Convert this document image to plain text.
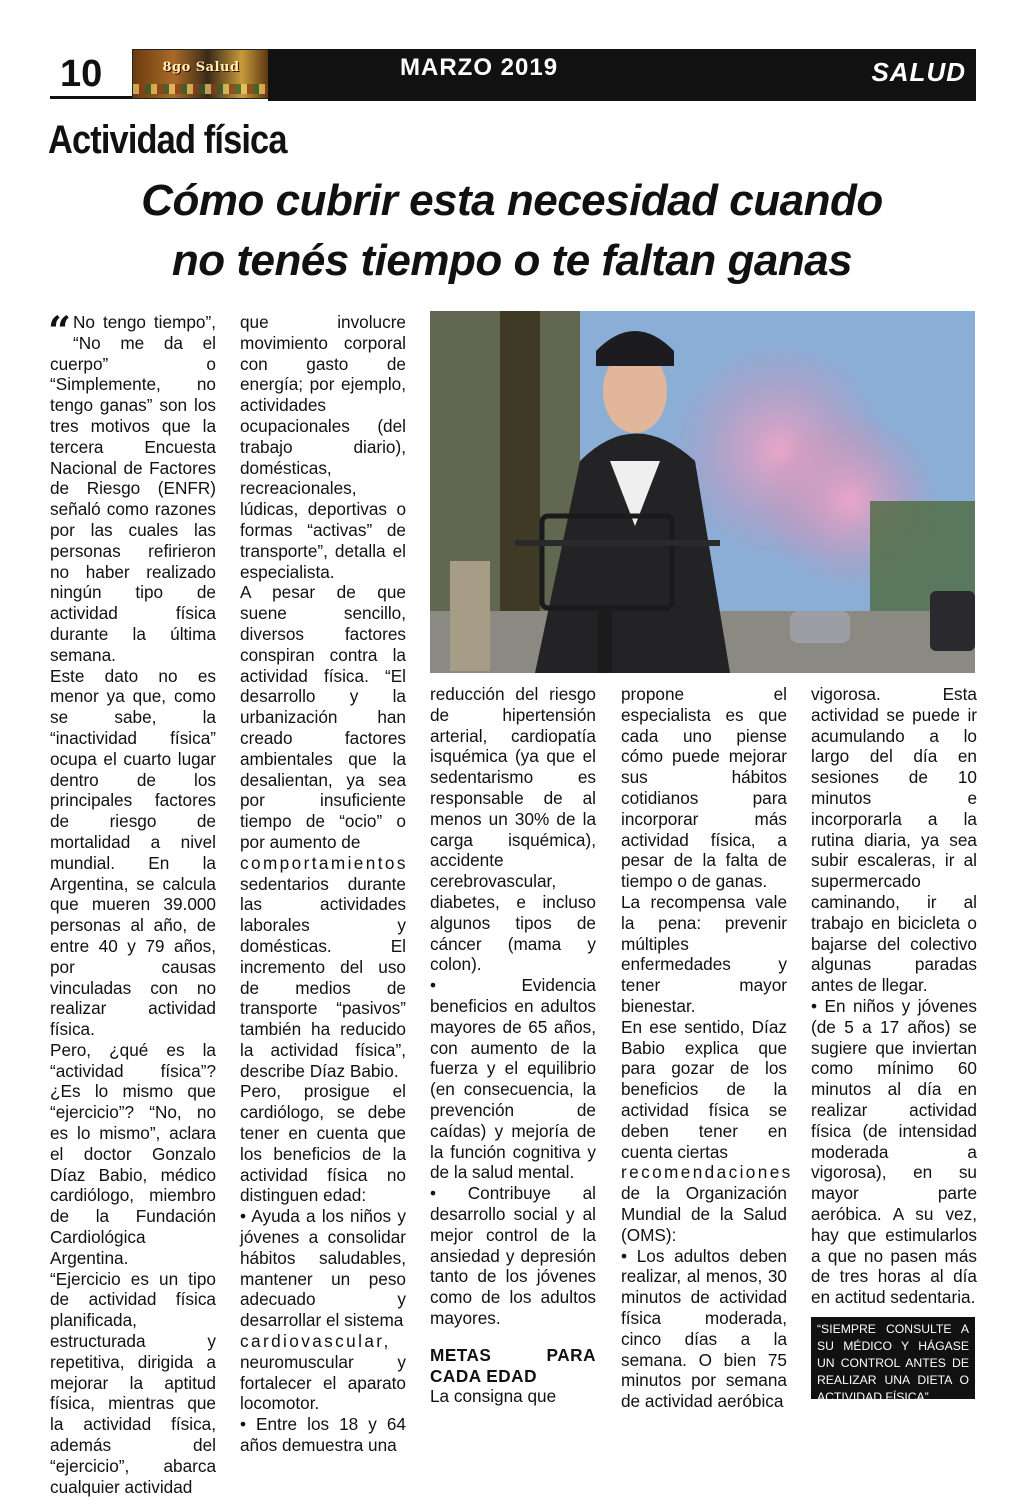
10	8go Salud	MARZO 2019	SALUD
Actividad física
Cómo cubrir esta necesidad cuando
no tenés tiempo o te faltan ganas

“ No tengo tiempo”, “No me da el cuerpo” o “Simplemente, no tengo ganas” son los tres motivos que la tercera Encuesta Nacional de Factores de Riesgo (ENFR) señaló como razones por las cuales las personas refirieron no haber realizado ningún tipo de actividad física durante la última semana.

Este dato no es menor ya que, como se sabe, la “inactividad física” ocupa el cuarto lugar dentro de los principales factores de riesgo de mortalidad a nivel mundial. En la Argentina, se calcula que mueren 39.000 personas al año, de entre 40 y 79 años, por causas vinculadas con no realizar actividad física.

Pero, ¿qué es la “actividad física”? ¿Es lo mismo que “ejercicio”? “No, no es lo mismo”, aclara el doctor Gonzalo Díaz Babio, médico cardiólogo, miembro de la Fundación Cardiológica Argentina.

“Ejercicio es un tipo de actividad física planificada, estructurada y repetitiva, dirigida a mejorar la aptitud física, mientras que la actividad física, además del “ejercicio”, abarca cualquier actividad

que involucre movimiento corporal con gasto de energía; por ejemplo, actividades ocupacionales (del trabajo diario), domésticas, recreacionales, lúdicas, deportivas o formas “activas” de transporte”, detalla el especialista.

A pesar de que suene sencillo, diversos factores conspiran contra la actividad física. “El desarrollo y la urbanización han creado factores ambientales que la desalientan, ya sea por insuficiente tiempo de “ocio” o por aumento de

comportamientos

sedentarios durante las actividades laborales y domésticas. El incremento del uso de medios de transporte “pasivos” también ha reducido la actividad física”, describe Díaz Babio.

Pero, prosigue el cardiólogo, se debe tener en cuenta que los beneficios de la actividad física no distinguen edad:

• Ayuda a los niños y jóvenes a consolidar hábitos saludables, mantener un peso adecuado y desarrollar el sistema

cardiovascular,

neuromuscular y fortalecer el aparato locomotor.

• Entre los 18 y 64 años demuestra una

reducción del riesgo de hipertensión arterial, cardiopatía isquémica (ya que el sedentarismo es responsable de al menos un 30% de la carga isquémica), accidente cerebrovascular, diabetes, e incluso algunos tipos de cáncer (mama y colon).

• Evidencia beneficios en adultos mayores de 65 años, con aumento de la fuerza y el equilibrio (en consecuencia, la prevención de caídas) y mejoría de la función cognitiva y de la salud mental.

• Contribuye al desarrollo social y al mejor control de la ansiedad y depresión tanto de los jóvenes como de los adultos mayores.

METAS PARA CADA EDAD

La consigna que

propone el especialista es que cada uno piense cómo puede mejorar sus hábitos cotidianos para incorporar más actividad física, a pesar de la falta de tiempo o de ganas.

La recompensa vale la pena: prevenir múltiples enfermedades y tener mayor bienestar.

En ese sentido, Díaz Babio explica que para gozar de los beneficios de la actividad física se deben tener en cuenta ciertas

recomendaciones

de la Organización Mundial de la Salud (OMS):

• Los adultos deben realizar, al menos, 30 minutos de actividad física moderada, cinco días a la semana. O bien 75 minutos por semana de actividad aeróbica

vigorosa. Esta actividad se puede ir acumulando a lo largo del día en sesiones de 10 minutos e incorporarla a la rutina diaria, ya sea subir escaleras, ir al supermercado caminando, ir al trabajo en bicicleta o bajarse del colectivo algunas paradas antes de llegar.

• En niños y jóvenes (de 5 a 17 años) se sugiere que inviertan como mínimo 60 minutos al día en realizar actividad física (de intensidad moderada a vigorosa), en su mayor parte aeróbica. A su vez, hay que estimularlos a que no pasen más de tres horas al día en actitud sedentaria.

“SIEMPRE CONSULTE A SU MÉDICO Y HÁGASE UN CONTROL ANTES DE REALIZAR UNA DIETA O ACTIVIDAD FÍSICA”
